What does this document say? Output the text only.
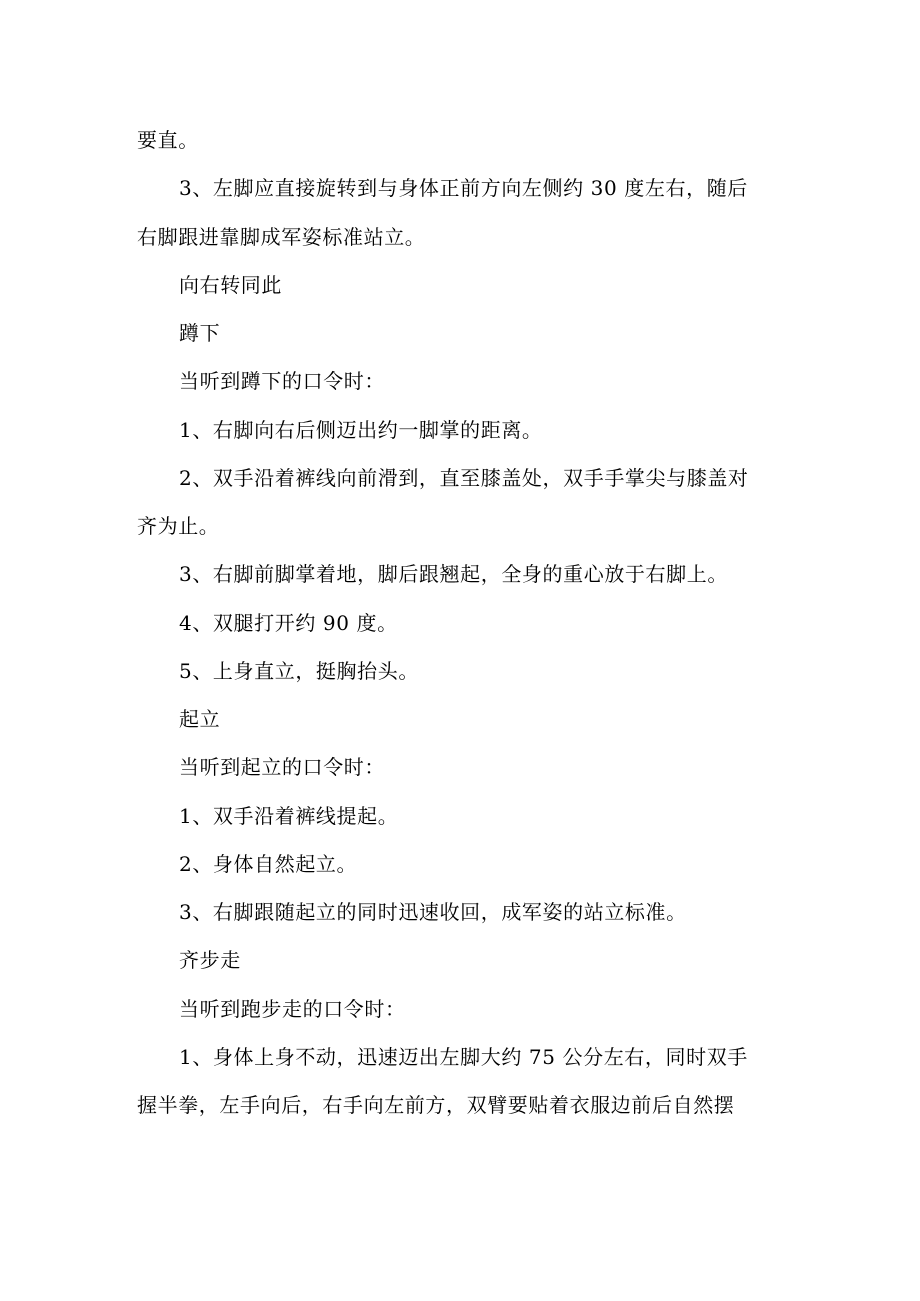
要直。
3、左脚应直接旋转到与身体正前方向左侧约 30 度左右，随后
右脚跟进靠脚成军姿标准站立。
向右转同此
蹲下
当听到蹲下的口令时：
1、右脚向右后侧迈出约一脚掌的距离。
2、双手沿着裤线向前滑到，直至膝盖处，双手手掌尖与膝盖对
齐为止。
3、右脚前脚掌着地，脚后跟翘起，全身的重心放于右脚上。
4、双腿打开约 90 度。
5、上身直立，挺胸抬头。
起立
当听到起立的口令时：
1、双手沿着裤线提起。
2、身体自然起立。
3、右脚跟随起立的同时迅速收回，成军姿的站立标准。
齐步走
当听到跑步走的口令时：
1、身体上身不动，迅速迈出左脚大约 75 公分左右，同时双手
握半拳，左手向后，右手向左前方，双臂要贴着衣服边前后自然摆
